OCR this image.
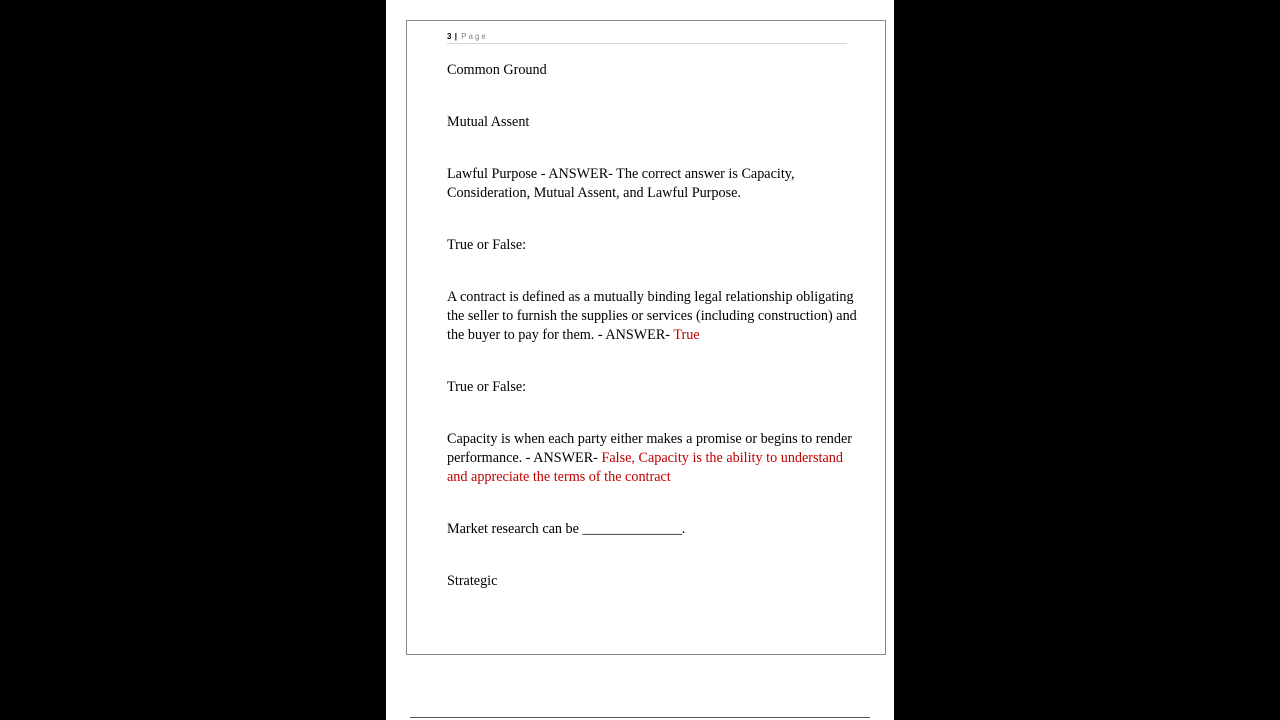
3 | Page

Common Ground

Mutual Assent

Lawful Purpose - ANSWER- The correct answer is Capacity, Consideration, Mutual Assent, and Lawful Purpose.

True or False:

A contract is defined as a mutually binding legal relationship obligating the seller to furnish the supplies or services (including construction) and the buyer to pay for them. - ANSWER- True

True or False:

Capacity is when each party either makes a promise or begins to render performance. - ANSWER- False, Capacity is the ability to understand and appreciate the terms of the contract

Market research can be ______________.

Strategic
